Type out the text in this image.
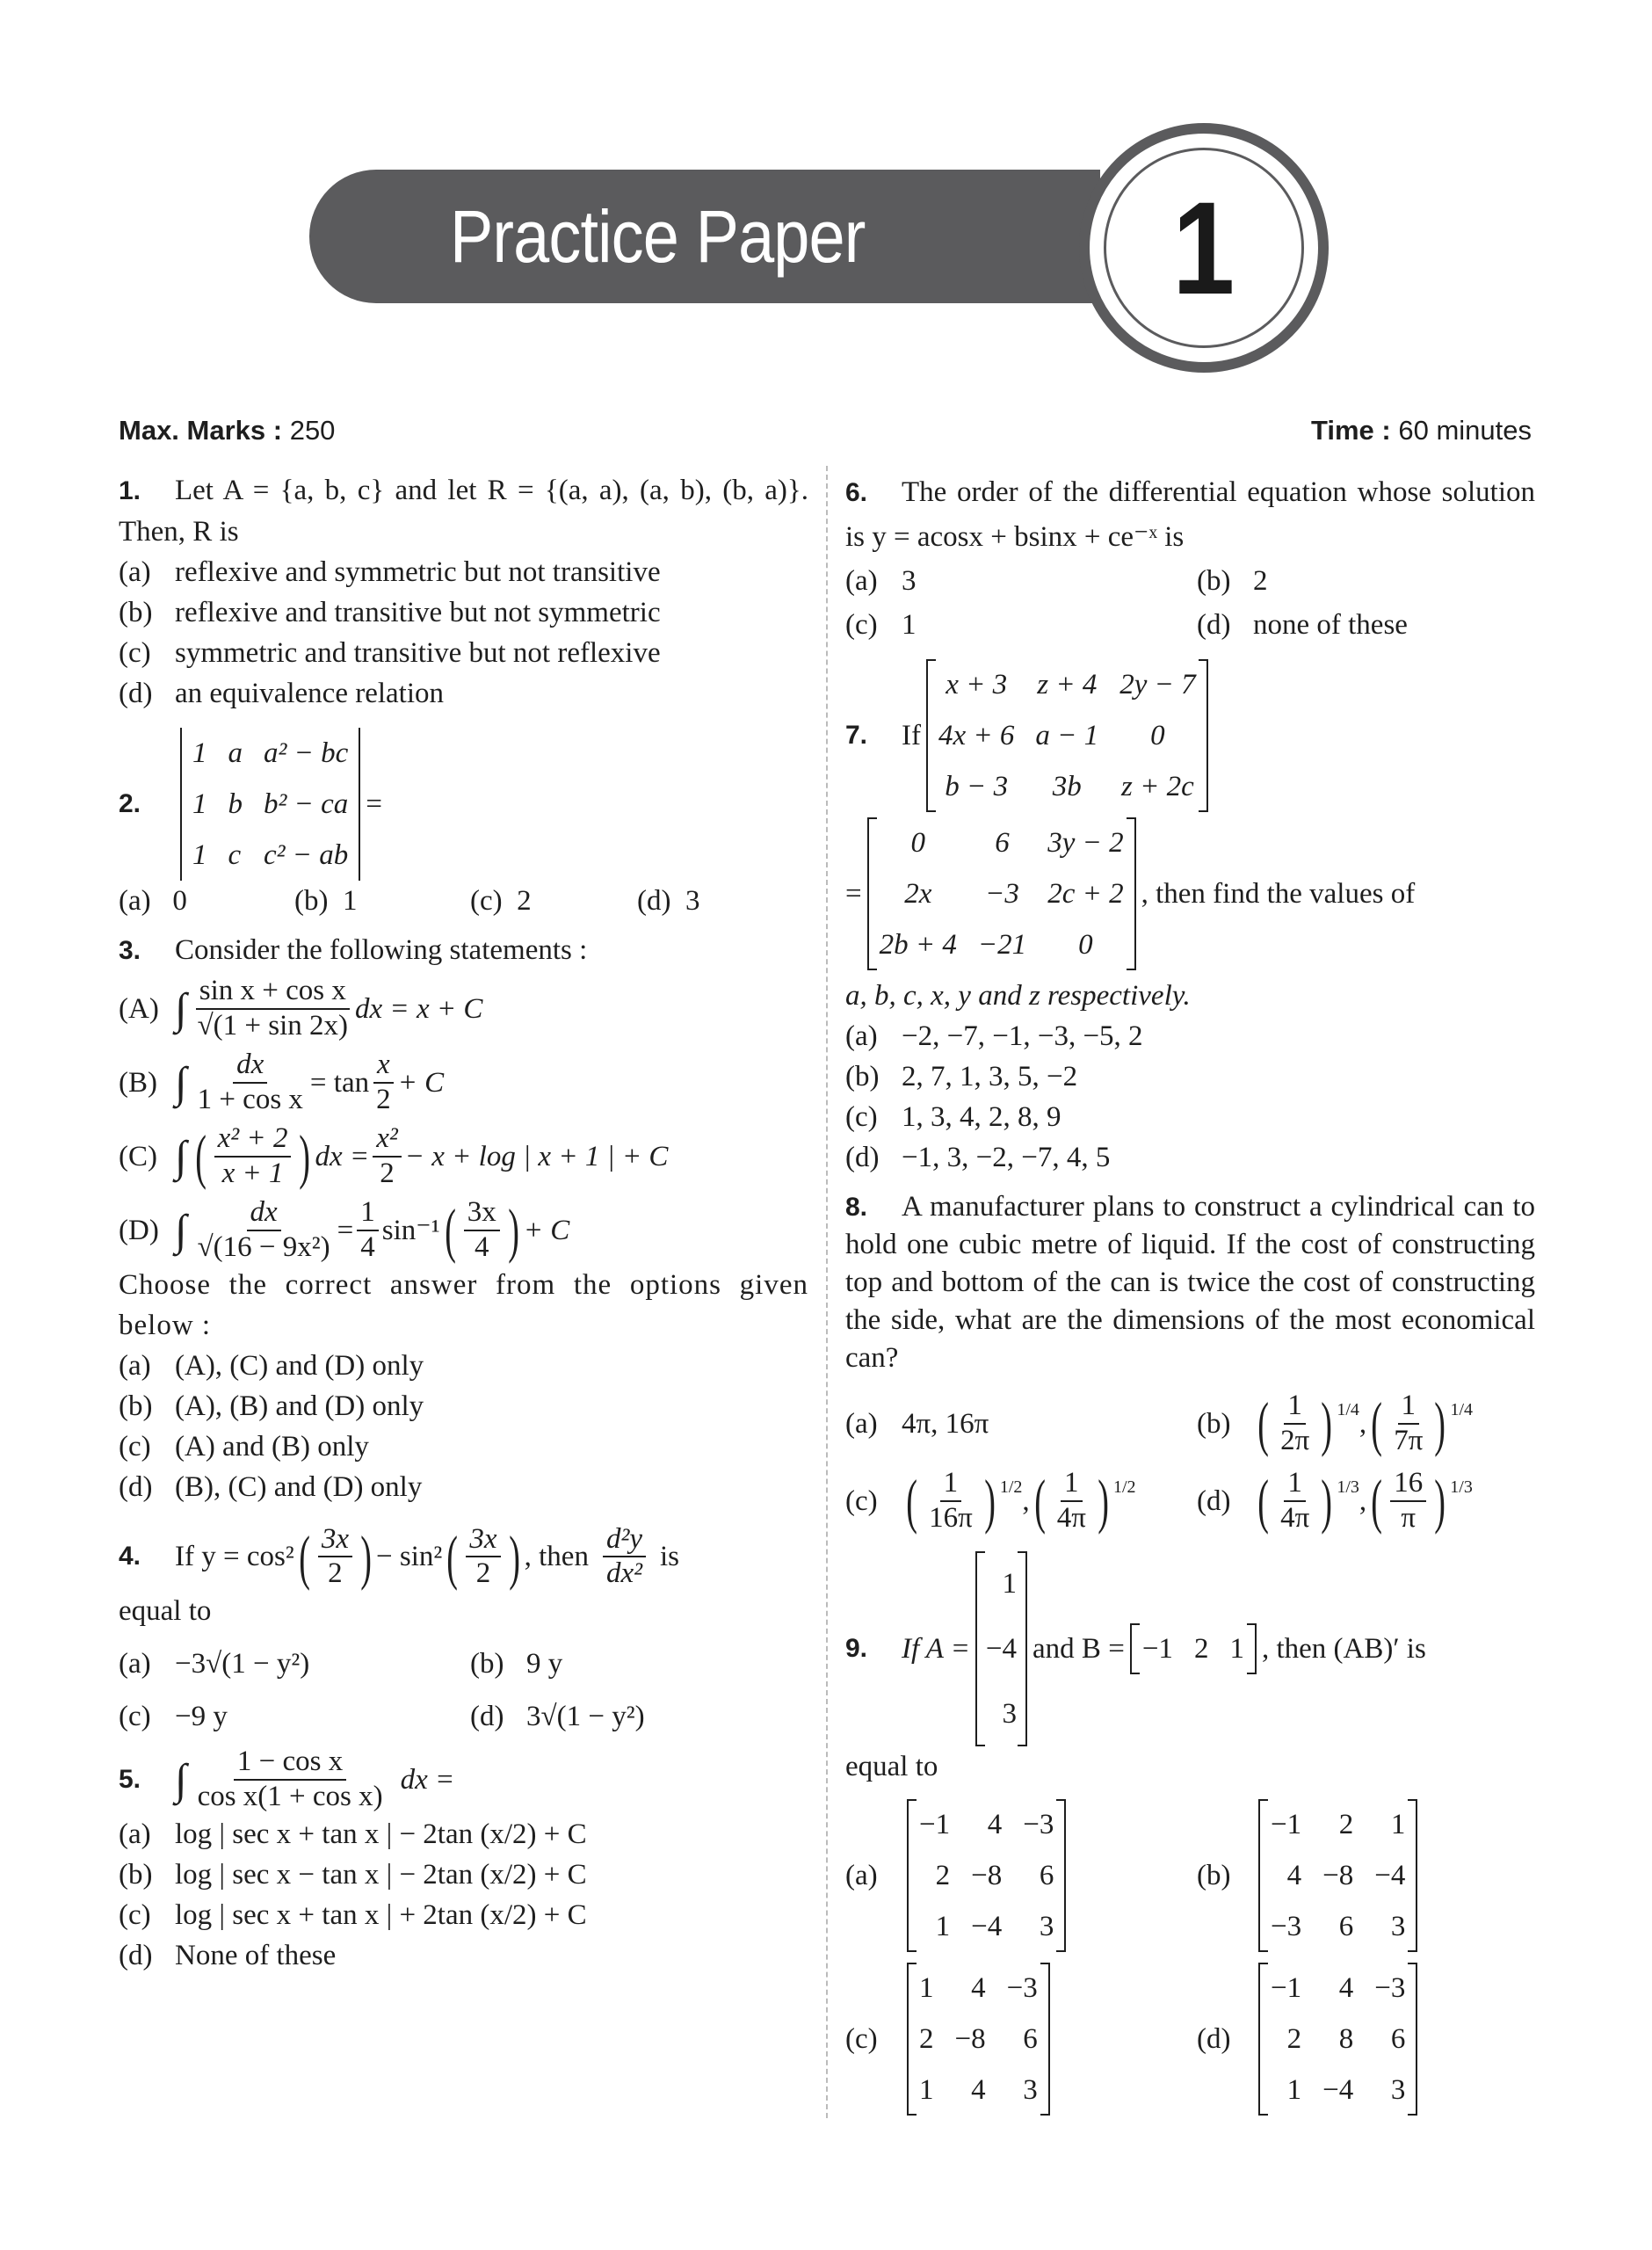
Practice Paper 1
Max. Marks : 250	Time : 60 minutes
1. Let A = {a, b, c} and let R = {(a, a), (a, b), (b, a)}. Then, R is
(a) reflexive and symmetric but not transitive
(b) reflexive and transitive but not symmetric
(c) symmetric and transitive but not reflexive
(d) an equivalence relation
2.
1	a	a² − bc
1	b	b² − ca
1	c	c² − ab
=
(a) 0	(b) 1	(c) 2	(d) 3
3. Consider the following statements :
(A) ∫ $\frac{\text{sin x + cos x}}{√(1 + \sin 2x)}$ dx = x + C
(B) ∫ $\frac{dx}{\text{1 + cos x}} = \tan \frac{x}{2} + C$
(C) ∫ ( $\frac{\text{x² + 2}}{x + 1}$ ) dx = $\frac{\text{x²}}{2} - x + \log$ | x + 1 | + C
(D) ∫ $\frac{dx}{\text{√(16 − 9x²)}} = \frac{1}{4} \sin^{-1}$ ( $\frac{3x}{4}$ ) + C
Choose the correct answer from the options given below :
(a) (A), (C) and (D) only
(b) (A), (B) and (D) only
(c) (A) and (B) only
(d) (B), (C) and (D) only
4.	If y = cos² ( $\frac{3x}{2}$ ) − sin² ( $\frac{3x}{2}$ ) , then $\frac{\text{d²y}}{\text{dx²}}$ is
equal to
(a) −3√(1 − y²)	(b) 9 y
(c) −9 y	(d) 3√(1 − y²)
5. ∫ $\frac{\text{1 − cos x}}{\text{cos x(1 + cos x)}}$ dx =
(a) log | sec x + tan x | − 2tan (x/2) + C
(b) log | sec x − tan x | − 2tan (x/2) + C
(c) log | sec x + tan x | + 2tan (x/2) + C
(d) None of these
6. The order of the differential equation whose solution is y = acosx + bsinx + ce⁻ˣ is
(a) 3	(b) 2
(c) 1	(d) none of these
7.	If
x + 3	z + 4	2y − 7
4x + 6	a − 1	0
b − 3	3b	z + 2c

=
0	6	3y − 2
2x	−3	2c + 2
2b + 4	−21	0

, then find the values of
a, b, c, x, y and z respectively.
(a) −2, −7, −1, −3, −5, 2
(b) 2, 7, 1, 3, 5, −2
(c) 1, 3, 4, 2, 8, 9
(d) −1, 3, −2, −7, 4, 5
8. A manufacturer plans to construct a cylindrical can to hold one cubic metre of liquid. If the cost of constructing top and bottom of the can is twice the cost of constructing the side, what are the dimensions of the most economical can?
(a) 4π, 16π	(b) ( $\frac{1}{2\pi}$ ) $^{1/4}$ , ( $\frac{1}{7\pi}$ ) $^{1/4}$
(c) ( $\frac{1}{16\pi}$ ) $^{1/2}$ , ( $\frac{1}{4\pi}$ ) $^{1/2}$ (d) ( $\frac{1}{4\pi}$ ) $^{1/3}$ , ( $\frac{16}{\pi}$ ) $^{1/3}$
9.	If A =
1
−4
3

and B = −1	2	1 , then (AB)′ is
equal to
(a)
−1	4	−3
2	−8	6
1	−4	3

(b)
−1	2	1
4	−8	−4
−3	6	3

(c)
1	4	−3
2	−8	6
1	4	3

(d)
−1	4	−3
2	8	6
1	−4	3
